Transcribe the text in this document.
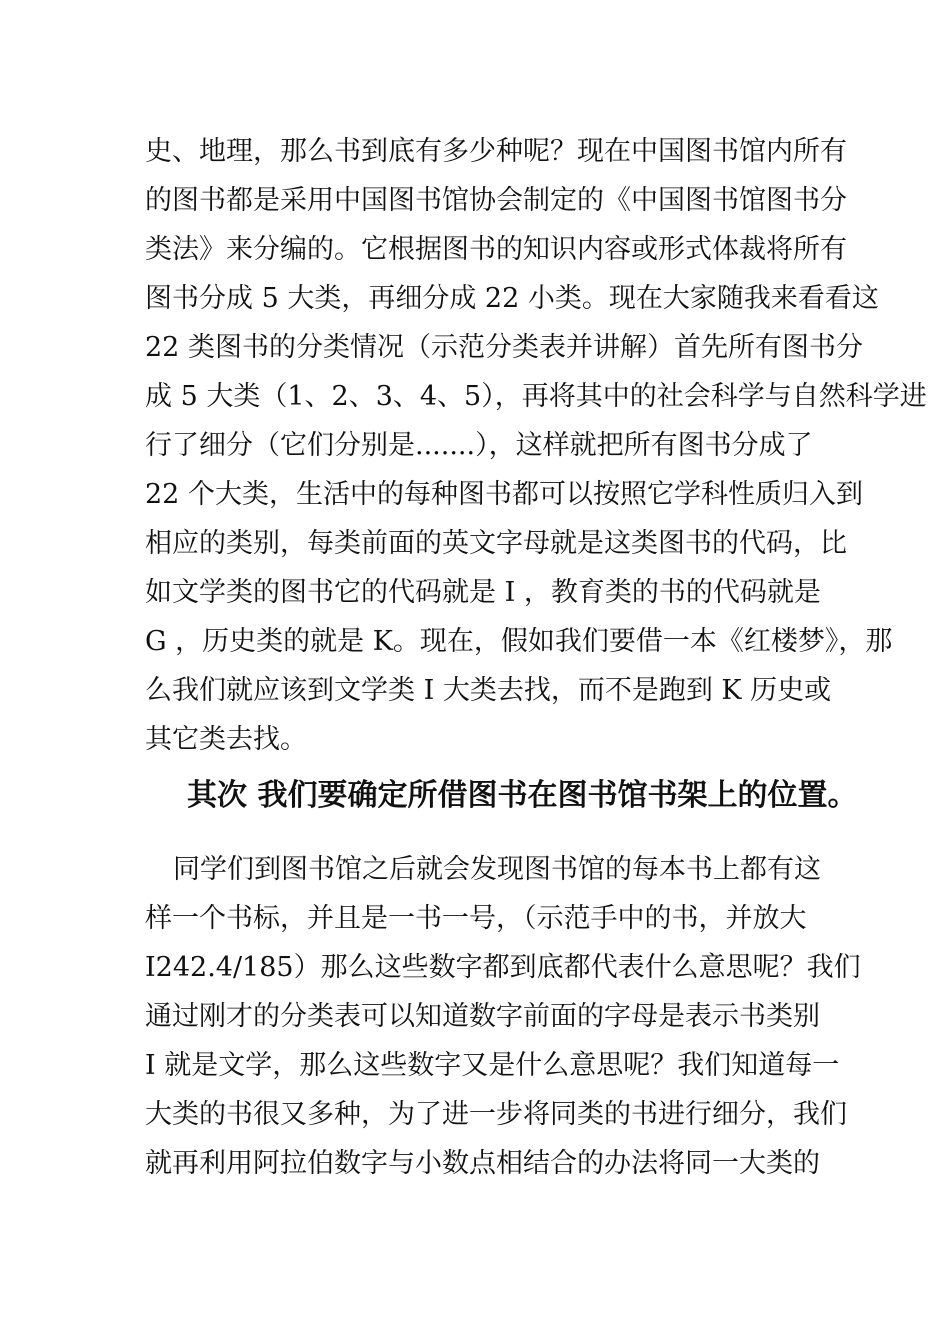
史、地理，那么书到底有多少种呢？现在中国图书馆内所有

的图书都是采用中国图书馆协会制定的《中国图书馆图书分

类法》来分编的。它根据图书的知识内容或形式体裁将所有

图书分成 5 大类，再细分成 22 小类。现在大家随我来看看这

22 类图书的分类情况（示范分类表并讲解）首先所有图书分

成 5 大类（1、2、3、4、5），再将其中的社会科学与自然科学进

行了细分（它们分别是.......），这样就把所有图书分成了

22 个大类，生活中的每种图书都可以按照它学科性质归入到

相应的类别，每类前面的英文字母就是这类图书的代码，比

如文学类的图书它的代码就是 I ，教育类的书的代码就是

G ，历史类的就是 K。现在，假如我们要借一本《红楼梦》，那

么我们就应该到文学类 I 大类去找，而不是跑到 K 历史或

其它类去找。

其次 我们要确定所借图书在图书馆书架上的位置。

同学们到图书馆之后就会发现图书馆的每本书上都有这

样一个书标，并且是一书一号，（示范手中的书，并放大

I242.4/185）那么这些数字都到底都代表什么意思呢？我们

通过刚才的分类表可以知道数字前面的字母是表示书类别

I 就是文学，那么这些数字又是什么意思呢？我们知道每一

大类的书很又多种，为了进一步将同类的书进行细分，我们

就再利用阿拉伯数字与小数点相结合的办法将同一大类的
